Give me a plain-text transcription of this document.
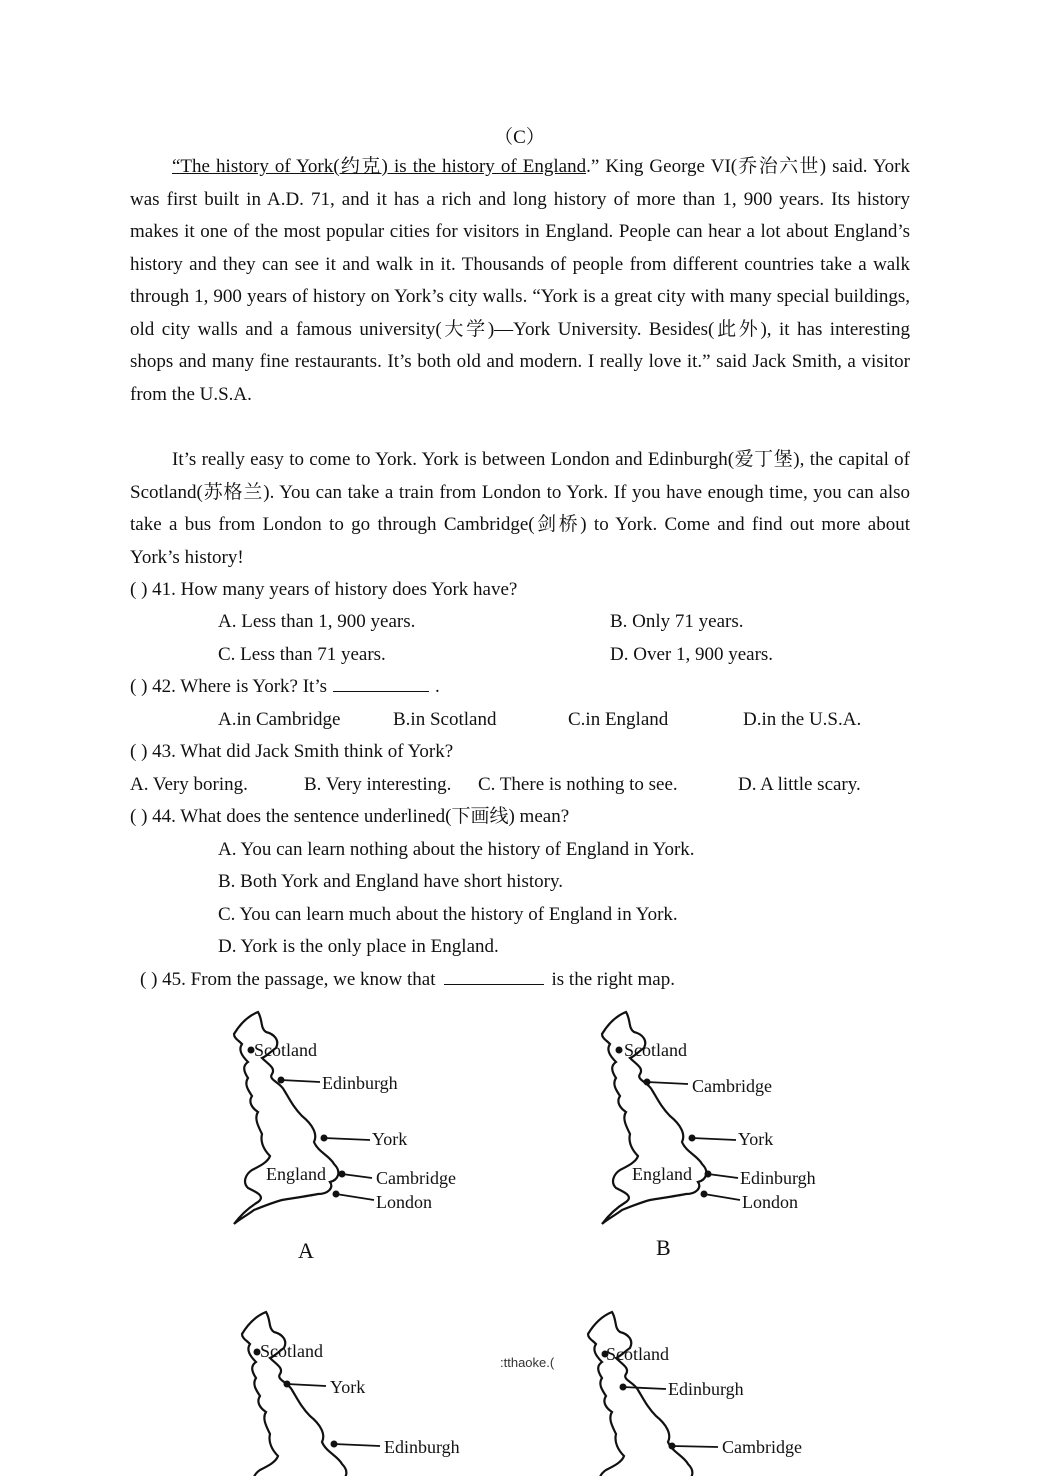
（C）

“The history of York(约克) is the history of England.” King George VI(乔治六世) said. York was first built in A.D. 71, and it has a rich and long history of more than 1, 900 years. Its history makes it one of the most popular cities for visitors in England. People can hear a lot about England’s history and they can see it and walk in it. Thousands of people from different countries take a walk through 1, 900 years of history on York’s city walls. “York is a great city with many special buildings, old city walls and a famous university(大学)—York University. Besides(此外), it has interesting shops and many fine restaurants. It’s both old and modern. I really love it.” said Jack Smith, a visitor from the U.S.A.

It’s really easy to come to York. York is between London and Edinburgh(爱丁堡), the capital of Scotland(苏格兰). You can take a train from London to York. If you have enough time, you can also take a bus from London to go through Cambridge(剑桥) to York. Come and find out more about York’s history!

( ) 41. How many years of history does York have?
A. Less than 1, 900 years.	B. Only 71 years.
C. Less than 71 years.	D. Over 1, 900 years.
( ) 42. Where is York? It’s	.
A.in Cambridge	B.in Scotland	C.in England	D.in the U.S.A.
( ) 43. What did Jack Smith think of York?
A. Very boring.	B. Very interesting. C. There is nothing to see.	D. A little scary.
( ) 44. What does the sentence underlined(下画线) mean?
A. You can learn nothing about the history of England in York.
B. Both York and England have short history.
C. You can learn much about the history of England in York.
D. York is the only place in England.
( ) 45. From the passage, we know that	is the right map.
Scotland
Edinburgh
York
England	Cambridge
London
A
Scotland
Cambridge
York
England	Edinburgh
London
B
Scotland
York
Edinburgh
:tthaoke.(	Scotland
Edinburgh
Cambridge
